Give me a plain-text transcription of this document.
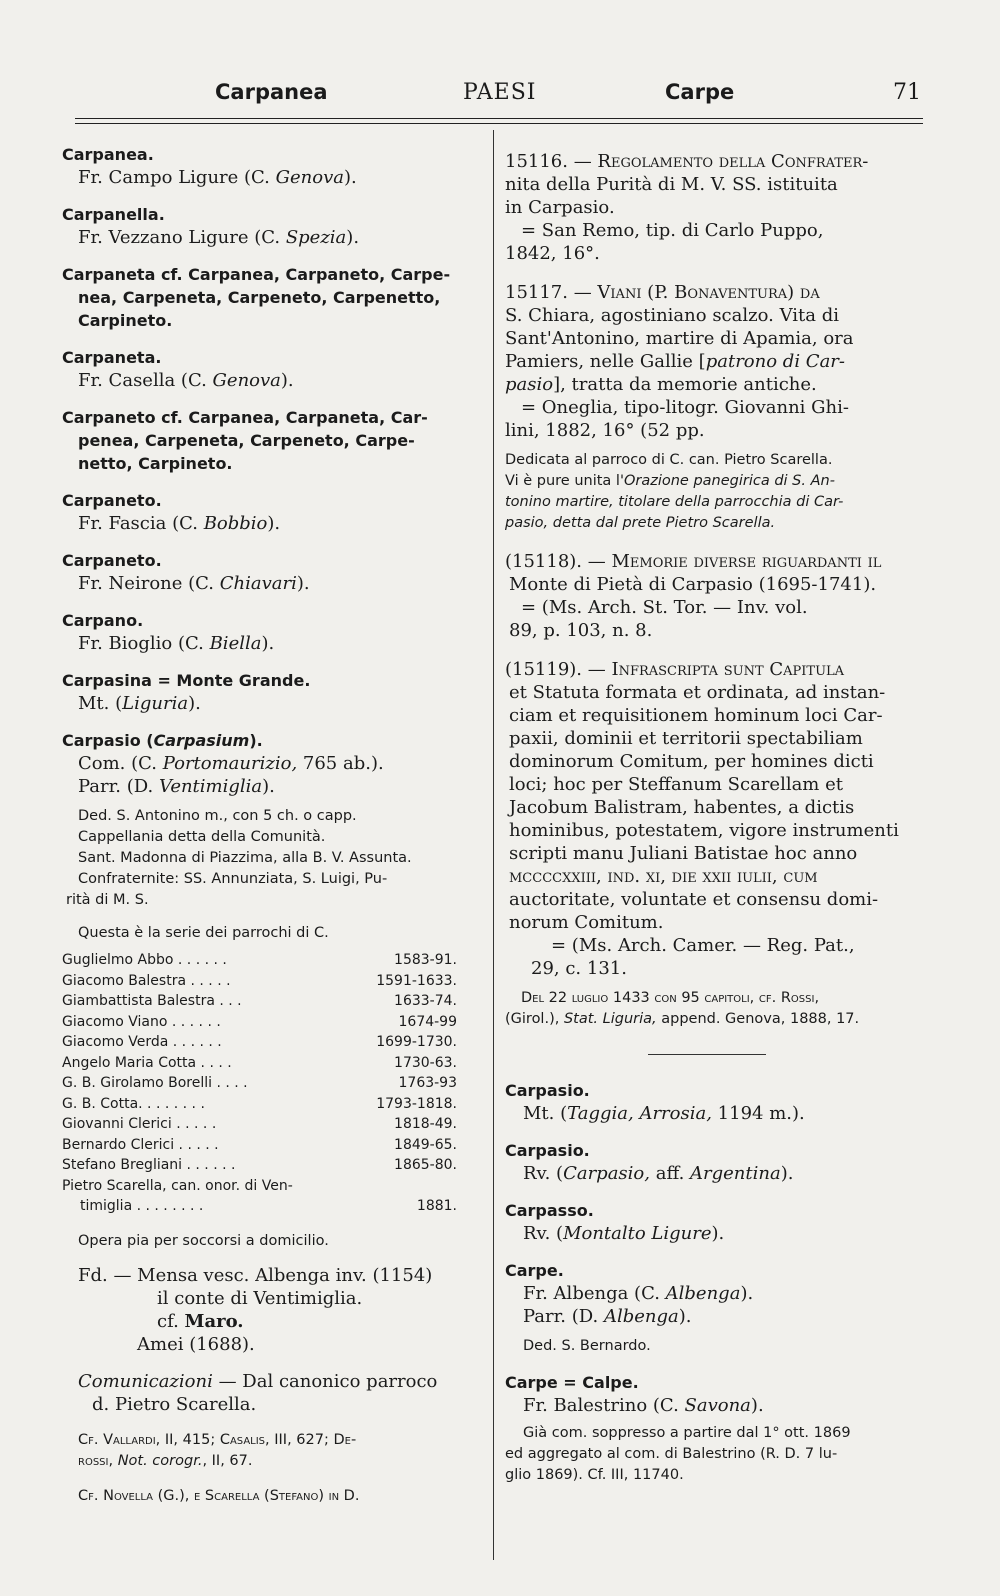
Carpanea	PAESI	Carpe	71

Carpanea.

Fr. Campo Ligure (C. Genova).

Carpanella.

Fr. Vezzano Ligure (C. Spezia).

Carpaneta cf. Carpanea, Carpaneto, Carpe-

nea, Carpeneta, Carpeneto, Carpenetto,

Carpineto.

Carpaneta.

Fr. Casella (C. Genova).

Carpaneto cf. Carpanea, Carpaneta, Car-

penea, Carpeneta, Carpeneto, Carpe-

netto, Carpineto.

Carpaneto.

Fr. Fascia (C. Bobbio).

Carpaneto.

Fr. Neirone (C. Chiavari).

Carpano.

Fr. Bioglio (C. Biella).

Carpasina = Monte Grande.

Mt. (Liguria).

Carpasio (Carpasium).

Com. (C. Portomaurizio, 765 ab.).

Parr. (D. Ventimiglia).

Ded. S. Antonino m., con 5 ch. o capp.

Cappellania detta della Comunità.

Sant. Madonna di Piazzima, alla B. V. Assunta.

Confraternite: SS. Annunziata, S. Luigi, Pu-

rità di M. S.

Questa è la serie dei parrochi di C.

Guglielmo Abbo . . . . . .	1583-91.
Giacomo Balestra . . . . .	1591-1633.
Giambattista Balestra . . .	1633-74.
Giacomo Viano . . . . . .	1674-99
Giacomo Verda . . . . . .	1699-1730.
Angelo Maria Cotta . . . .	1730-63.
G. B. Girolamo Borelli . . . .	1763-93
G. B. Cotta. . . . . . . .	1793-1818.
Giovanni Clerici . . . . .	1818-49.
Bernardo Clerici . . . . .	1849-65.
Stefano Bregliani . . . . . .	1865-80.
Pietro Scarella, can. onor. di Ven-
timiglia . . . . . . . .	1881.

Opera pia per soccorsi a domicilio.

Fd. — Mensa vesc. Albenga inv. (1154)

il conte di Ventimiglia.

cf. Maro.

Amei (1688).

Comunicazioni — Dal canonico parroco

d. Pietro Scarella.

Cf. Vallardi, II, 415; Casalis, III, 627; De-

rossi, Not. corogr., II, 67.

Cf. Novella (G.), e Scarella (Stefano) in D.

15116. — Regolamento della Confrater-

nita della Purità di M. V. SS. istituita

in Carpasio.

= San Remo, tip. di Carlo Puppo,

1842, 16°.

15117. — Viani (P. Bonaventura) da

S. Chiara, agostiniano scalzo. Vita di

Sant'Antonino, martire di Apamia, ora

Pamiers, nelle Gallie [patrono di Car-

pasio], tratta da memorie antiche.

= Oneglia, tipo-litogr. Giovanni Ghi-

lini, 1882, 16° (52 pp.

Dedicata al parroco di C. can. Pietro Scarella.

Vi è pure unita l'Orazione panegirica di S. An-

tonino martire, titolare della parrocchia di Car-

pasio, detta dal prete Pietro Scarella.

(15118). — Memorie diverse riguardanti il

Monte di Pietà di Carpasio (1695-1741).

= (Ms. Arch. St. Tor. — Inv. vol.

89, p. 103, n. 8.

(15119). — Infrascripta sunt Capitula

et Statuta formata et ordinata, ad instan-

ciam et requisitionem hominum loci Car-

paxii, dominii et territorii spectabiliam

dominorum Comitum, per homines dicti

loci; hoc per Steffanum Scarellam et

Jacobum Balistram, habentes, a dictis

hominibus, potestatem, vigore instrumenti

scripti manu Juliani Batistae hoc anno

mccccxxiii, ind. xi, die xxii iulii, cum

auctoritate, voluntate et consensu domi-

norum Comitum.

= (Ms. Arch. Camer. — Reg. Pat.,

29, c. 131.

Del 22 luglio 1433 con 95 capitoli, cf. Rossi,

(Girol.), Stat. Liguria, append. Genova, 1888, 17.

Carpasio.

Mt. (Taggia, Arrosia, 1194 m.).

Carpasio.

Rv. (Carpasio, aff. Argentina).

Carpasso.

Rv. (Montalto Ligure).

Carpe.

Fr. Albenga (C. Albenga).

Parr. (D. Albenga).

Ded. S. Bernardo.

Carpe = Calpe.

Fr. Balestrino (C. Savona).

Già com. soppresso a partire dal 1° ott. 1869

ed aggregato al com. di Balestrino (R. D. 7 lu-

glio 1869). Cf. III, 11740.
